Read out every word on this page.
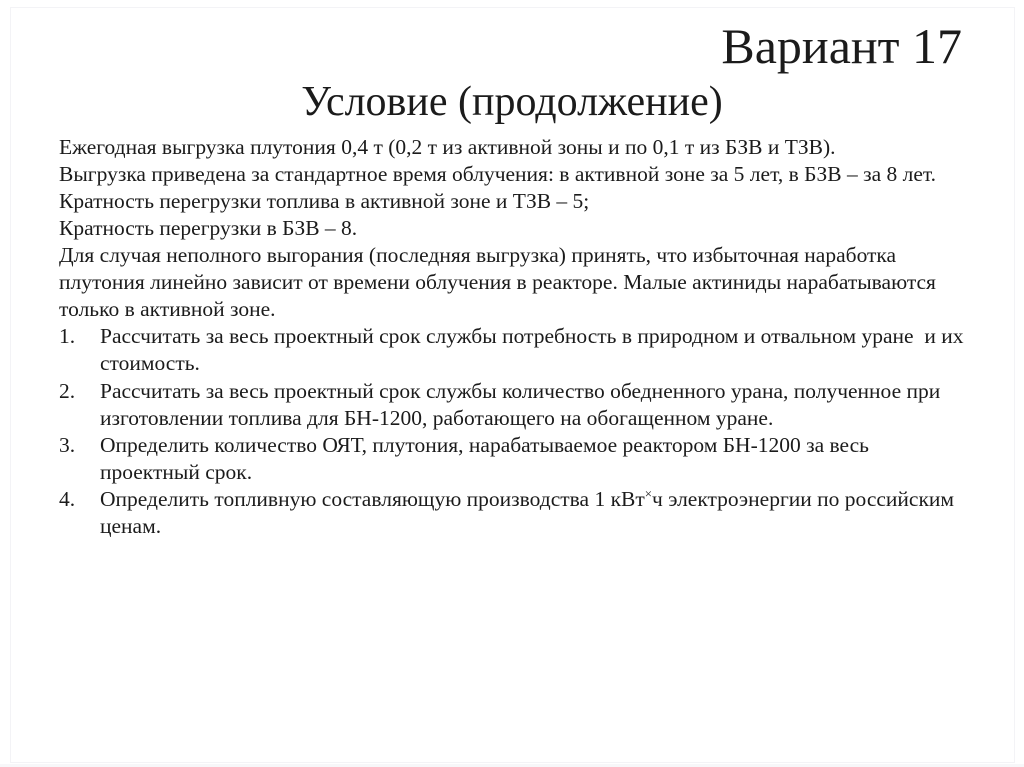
Вариант 17
Условие (продолжение)
Ежегодная выгрузка плутония 0,4 т (0,2 т из активной зоны и по 0,1 т из БЗВ и ТЗВ).
Выгрузка приведена за стандартное время облучения: в активной зоне за 5 лет, в БЗВ – за 8 лет.
Кратность перегрузки топлива в активной зоне и ТЗВ – 5;
Кратность перегрузки в БЗВ – 8.
Для случая неполного выгорания (последняя выгрузка) принять, что избыточная наработка плутония линейно зависит от времени облучения в реакторе. Малые актиниды нарабатываются только в активной зоне.
1.	Рассчитать за весь проектный срок службы потребность в природном и отвальном уране  и их стоимость.
2.	Рассчитать за весь проектный срок службы количество обедненного урана, полученное при изготовлении топлива для БН-1200, работающего на обогащенном уране.
3.	Определить количество ОЯТ, плутония, нарабатываемое реактором БН-1200 за весь проектный срок.
4.	Определить топливную составляющую производства 1 кВт×ч электроэнергии по российским ценам.
